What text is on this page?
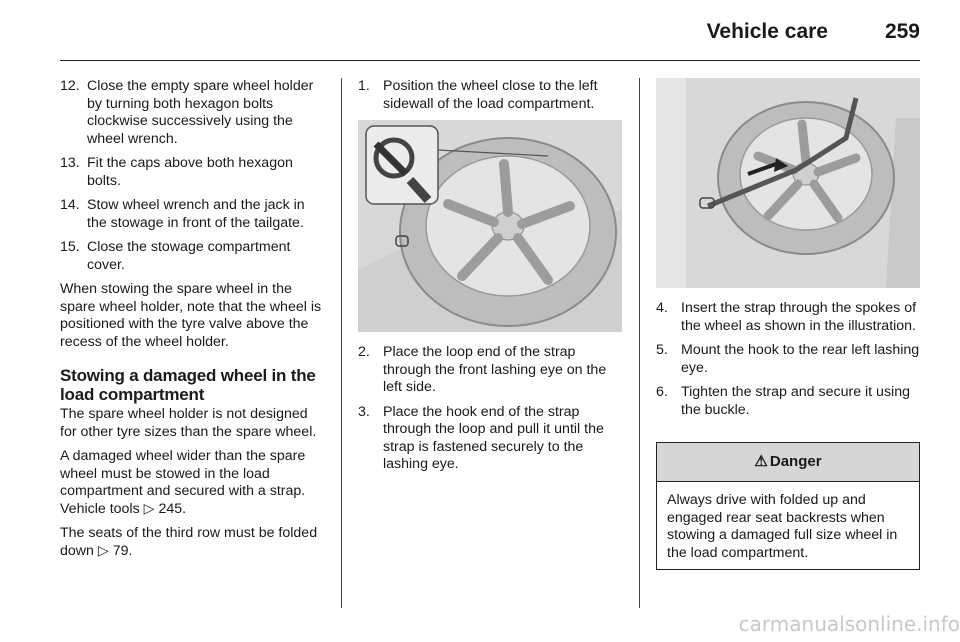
Vehicle care	259
12. Close the empty spare wheel holder by turning both hexagon bolts clockwise successively using the wheel wrench.
13. Fit the caps above both hexagon bolts.
14. Stow wheel wrench and the jack in the stowage in front of the tailgate.
15. Close the stowage compartment cover.

When stowing the spare wheel in the spare wheel holder, note that the wheel is positioned with the tyre valve above the recess of the wheel holder.

Stowing a damaged wheel in the load compartment

The spare wheel holder is not designed for other tyre sizes than the spare wheel.

A damaged wheel wider than the spare wheel must be stowed in the load compartment and secured with a strap. Vehicle tools ▷ 245.

The seats of the third row must be folded down ▷ 79.

1. Position the wheel close to the left sidewall of the load compartment.
2. Place the loop end of the strap through the front lashing eye on the left side.
3. Place the hook end of the strap through the loop and pull it until the strap is fastened securely to the lashing eye.
4. Insert the strap through the spokes of the wheel as shown in the illustration.
5. Mount the hook to the rear left lashing eye.
6. Tighten the strap and secure it using the buckle.
⚠ Danger
Always drive with folded up and engaged rear seat backrests when stowing a damaged full size wheel in the load compartment.
carmanualsonline.info
